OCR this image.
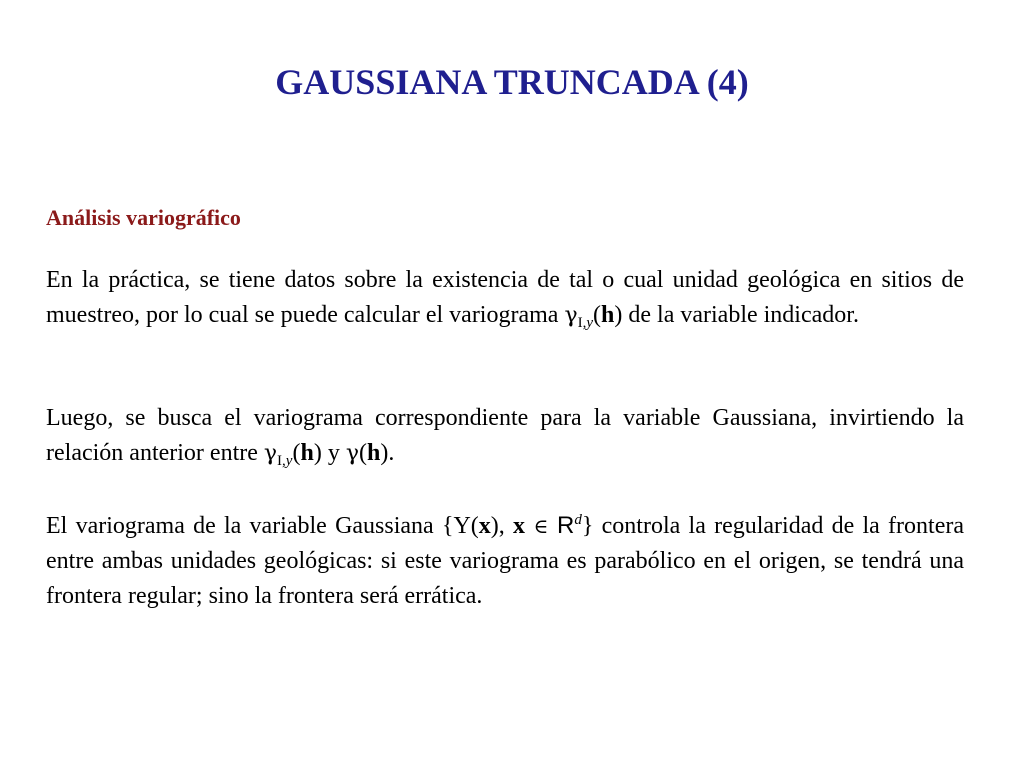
GAUSSIANA TRUNCADA (4)
Análisis variográfico
En la práctica, se tiene datos sobre la existencia de tal o cual unidad geológica en sitios de muestreo, por lo cual se puede calcular el variograma $\gamma_{I,y}(h)$ de la variable indicador.
Luego, se busca el variograma correspondiente para la variable Gaussiana, invirtiendo la relación anterior entre $\gamma_{I,y}(h)$ y γ(h).
El variograma de la variable Gaussiana {Y(x), x ∈ $R^d$} controla la regularidad de la frontera entre ambas unidades geológicas: si este variograma es parabólico en el origen, se tendrá una frontera regular; sino la frontera será errática.
